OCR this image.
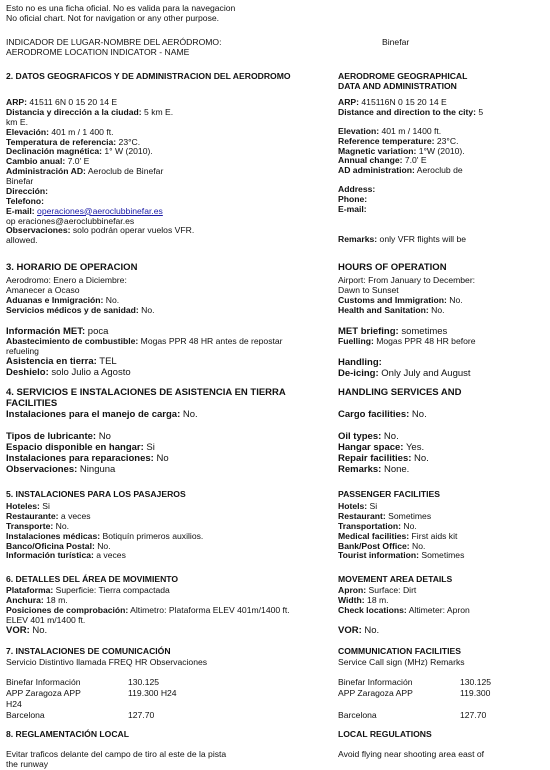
Esto no es una ficha oficial. No es valida para la navegacion
No oficial chart. Not for navigation or any other purpose.
INDICADOR DE LUGAR-NOMBRE DEL AERÓDROMO:
AERODROME LOCATION INDICATOR - NAME
Binefar
2. DATOS GEOGRAFICOS Y DE ADMINISTRACION DEL AERODROMO	AERODROME GEOGRAPHICAL
DATA AND ADMINISTRATION
ARP: 41511 6N 0 15 20 14 E
Distancia y dirección a la ciudad: 5 km E.
km E.
Elevación: 401 m / 1 400 ft.
Temperatura de referencia: 23°C.
Declinación magnética: 1° W (2010).
Cambio anual: 7.0' E
Administración AD: Aeroclub de Binefar
Binefar
Dirección:
Telefono:
E-mail: operaciones@aeroclubbinefar.es
op eraciones@aeroclubbinefar.es
Observaciones: solo podrán operar vuelos VFR.
allowed.
ARP: 415116N 0 15 20 14 E
Distance and direction to the city: 5
Elevation: 401 m / 1400 ft.
Reference temperature: 23°C.
Magnetic variation: 1°W (2010).
Annual change: 7.0' E
AD administration: Aeroclub de
Address:
Phone:
E-mail:
Remarks: only VFR flights will be
3. HORARIO DE OPERACION	HOURS OF OPERATION
Aerodromo: Enero a Diciembre:
Amanecer a Ocaso
Aduanas e Inmigración: No.
Servicios médicos y de sanidad: No.
Información MET: poca
Abastecimiento de combustible: Mogas PPR 48 HR antes de repostar
refueling
Asistencia en tierra: TEL
Deshielo: solo Julio a Agosto
Airport: From January to December:
Dawn to Sunset
Customs and Immigration: No.
Health and Sanitation: No.
MET briefing: sometimes
Fuelling: Mogas PPR 48 HR before
Handling:
De-icing: Only July and August
4. SERVICIOS E INSTALACIONES DE ASISTENCIA EN TIERRA
FACILITIES
HANDLING SERVICES AND
Instalaciones para el manejo de carga: No.
Tipos de lubricante: No
Espacio disponible en hangar: Si
Instalaciones para reparaciones: No
Observaciones: Ninguna
Cargo facilities: No.
Oil types: No.
Hangar space: Yes.
Repair facilities: No.
Remarks: None.
5. INSTALACIONES PARA LOS PASAJEROS	PASSENGER FACILITIES
Hoteles: Si
Restaurante: a veces
Transporte: No.
Instalaciones médicas: Botiquín primeros auxilios.
Banco/Oficina Postal: No.
Información turística: a veces
Hotels: Si
Restaurant: Sometimes
Transportation: No.
Medical facilities: First aids kit
Bank/Post Office: No.
Tourist information: Sometimes
6. DETALLES DEL ÁREA DE MOVIMIENTO	MOVEMENT AREA DETAILS
Plataforma: Superficie: Tierra compactada
Anchura: 18 m.
Posiciones de comprobación: Altimetro: Plataforma ELEV 401m/1400 ft.
ELEV 401 m/1400 ft.
VOR: No.
Apron: Surface: Dirt
Width: 18 m.
Check locations: Altimeter: Apron
VOR: No.
7. INSTALACIONES DE COMUNICACIÓN
Servicio Distintivo llamada FREQ HR Observaciones
COMMUNICATION FACILITIES
Service Call sign (MHz) Remarks
Binefar Información	130.125
APP Zaragoza APP	119.300 H24
H24
Barcelona	127.70
Binefar Información	130.125
APP Zaragoza APP	119.300
Barcelona	127.70
8. REGLAMENTACIÓN LOCAL	LOCAL REGULATIONS
Evitar traficos delante del campo de tiro al este de la pista
the runway
Avoid flying near shooting area east of
